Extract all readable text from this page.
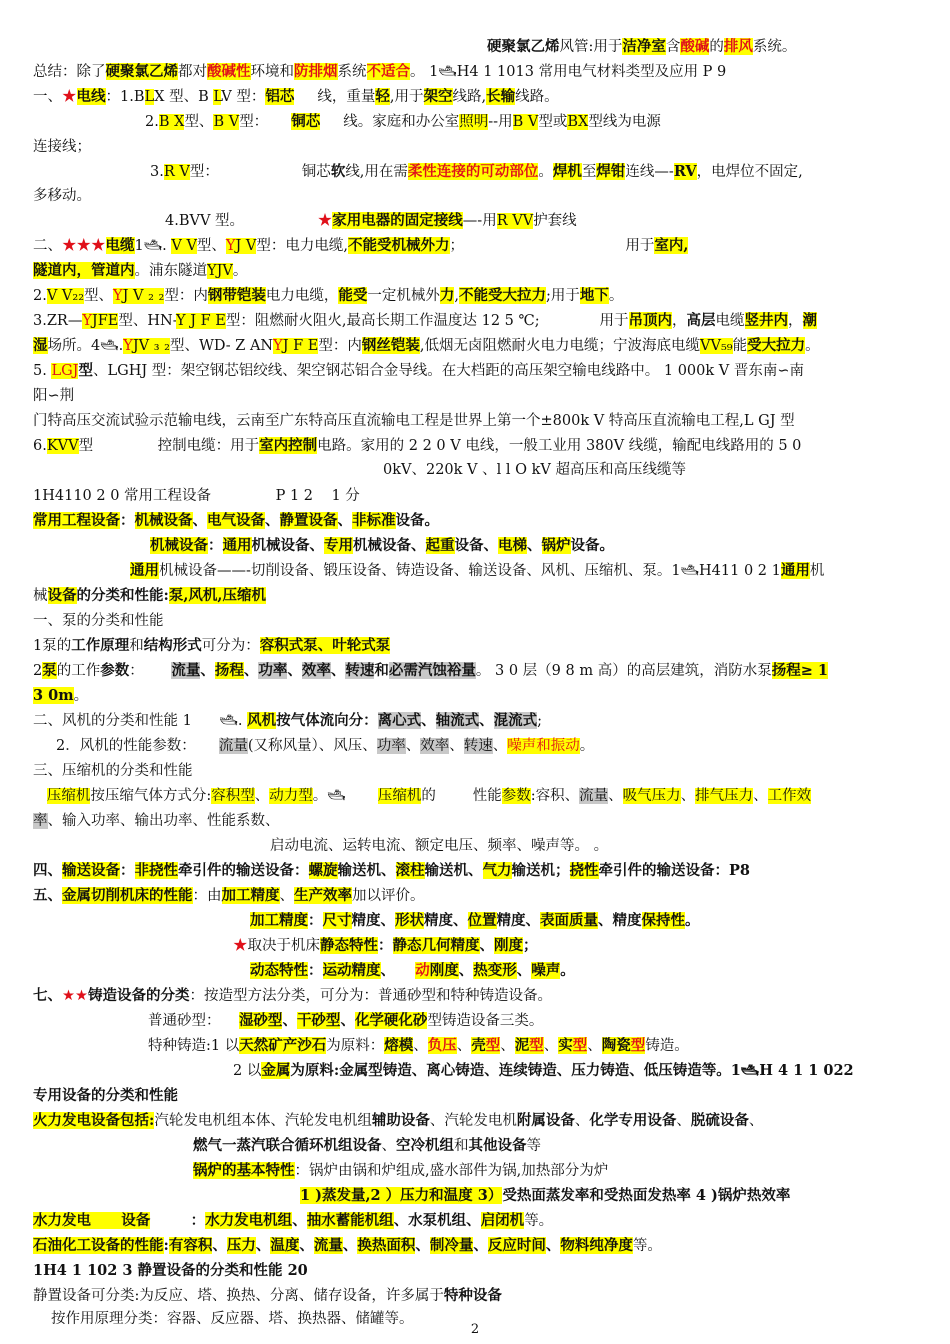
硬聚氯乙烯风管:用于洁净室含酸碱的排风系统。
总结：除了硬聚氯乙烯都对酸碱性环境和防排烟系统不适合。 1🛥H4 1 1013 常用电气材料类型及应用 P 9
一、★电线：1.BLX 型、B LV 型：铝芯     线，重量轻,用于架空线路,长输线路。
2.B X型、B V型：     铜芯     线。家庭和办公室照明--用B V型或BX型线为电源
连接线；
3.R V型：                  铜芯软线,用在需柔性连接的可动部位。焊机至焊钳连线—-RV，电焊位不固定,
多移动。
4.BVV 型。                ★家用电器的固定接线—-用R VV护套线
二、★★★电缆1🛥. V V型、YJ V型：电力电缆,不能受机械外力；                                   用于室内,
隧道内，管道内。浦东隧道YJV。
2.V V₂₂型、YJ V ₂ ₂型：内钢带铠装电力电缆，能受一定机械外力,不能受大拉力;用于地下。
3.ZR—YJFE型、HN-Y J F E型：阻燃耐火阻火,最高长期工作温度达 12 5 ℃;             用于吊顶内，高层电缆竖井内，潮
湿场所。4🛥.YJV ₃ ₂型、WD- Z ANYJ F E型：内钢丝铠装,低烟无卤阻燃耐火电力电缆；宁波海底电缆VV₅₉能受大拉力。
5. LGJ型、LGHJ 型：架空钢芯铝绞线、架空钢芯铝合金导线。在大档距的高压架空输电线路中。 1 000k V 晋东南∽南
阳∽荆
门特高压交流试验示范输电线，云南至广东特高压直流输电工程是世界上第一个±800k V 特高压直流输电工程,L GJ 型
6.KVV型              控制电缆：用于室内控制电路。家用的 2 2 0 V 电线，一般工业用 380V 线缆，输配电线路用的 5 0
0kV、220k V 、l l O kV 超高压和高压线缆等
1H4110 2 0 常用工程设备              P 1 2    1 分
常用工程设备：机械设备、电气设备、静置设备、非标准设备。
机械设备：通用机械设备、专用机械设备、起重设备、电梯、锅炉设备。
通用机械设备——-切削设备、锻压设备、铸造设备、输送设备、风机、压缩机、泵。1🛥H411 0 2 1通用机
械设备的分类和性能:泵,风机,压缩机
一、泵的分类和性能
1泵的工作原理和结构形式可分为：容积式泵、叶轮式泵
2泵的工作参数：      流量、扬程、功率、效率、转速和必需汽蚀裕量。 3 0 层（9 8 m 高）的高层建筑，消防水泵扬程≥ 1
3 0m。
二、风机的分类和性能 1      🛥. 风机按气体流向分：离心式、轴流式、混流式;
2．风机的性能参数：     流量(又称风量）、风压、功率、效率、转速、噪声和振动。
三、压缩机的分类和性能
压缩机按压缩气体方式分:容积型、动力型。🛥       压缩机的        性能参数:容积、流量、吸气压力、排气压力、工作效
率、输入功率、输出功率、性能系数、
启动电流、运转电流、额定电压、频率、噪声等。 。
四、输送设备：非挠性牵引件的输送设备：螺旋输送机、滚柱输送机、气力输送机；挠性牵引件的输送设备：P8
五、金属切削机床的性能：由加工精度、生产效率加以评价。
加工精度：尺寸精度、形状精度、位置精度、表面质量、精度保持性。
★取决于机床静态特性：静态几何精度、刚度；
动态特性：运动精度、    动刚度、热变形、噪声。
七、★★铸造设备的分类：按造型方法分类，可分为：普通砂型和特种铸造设备。
普通砂型：    湿砂型、干砂型、化学硬化砂型铸造设备三类。
特种铸造:1 以天然矿产沙石为原料：熔模、负压、壳型、泥型、实型、陶瓷型铸造。
2 以金属为原料:金属型铸造、离心铸造、连续铸造、压力铸造、低压铸造等。1🛥H 4 1 1 022
专用设备的分类和性能
火力发电设备包括:汽轮发电机组本体、汽轮发电机组辅助设备、汽轮发电机附属设备、化学专用设备、脱硫设备、
燃气一蒸汽联合循环机组设备、空冷机组和其他设备等
锅炉的基本特性：锅炉由锅和炉组成,盛水部件为锅,加热部分为炉
1 )蒸发量,2 ）压力和温度 3）受热面蒸发率和受热面发热率 4 )锅炉热效率
水力发电      设备        ：水力发电机组、抽水蓄能机组、水泵机组、启闭机等。
石油化工设备的性能:有容积、压力、温度、流量、换热面积、制冷量、反应时间、物料纯净度等。
1H4 1 102 3 静置设备的分类和性能 20
静置设备可分类:为反应、塔、换热、分离、储存设备，许多属于特种设备
按作用原理分类：容器、反应器、塔、换热器、储罐等。
2
